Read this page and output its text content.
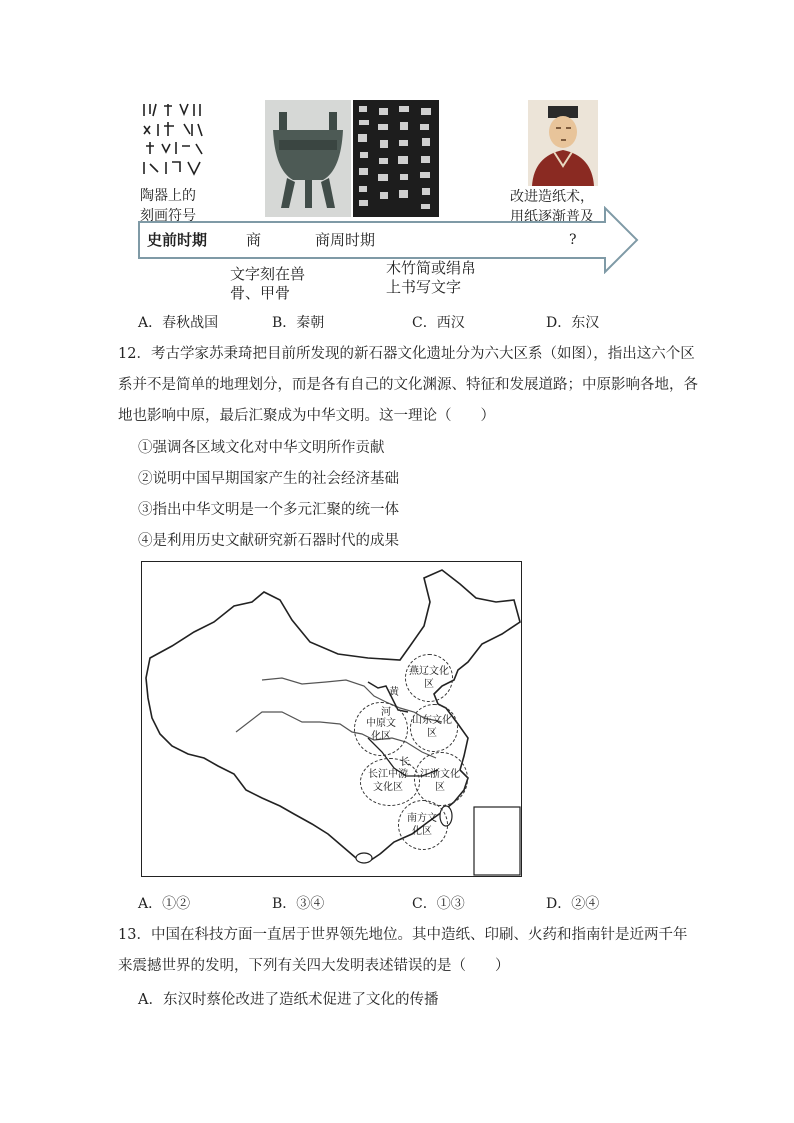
陶器上的
刻画符号
改进造纸术，
用纸逐渐普及
史前时期	商	商周时期	?
文字刻在兽
骨、甲骨
木竹简或绢帛
上书写文字
A．春秋战国	B．秦朝	C．西汉	D．东汉
12．考古学家苏秉琦把目前所发现的新石器文化遗址分为六大区系（如图），指出这六个区系并不是简单的地理划分，而是各有自己的文化渊源、特征和发展道路；中原影响各地，各地也影响中原，最后汇聚成为中华文明。这一理论（　　）
①强调各区域文化对中华文明所作贡献
②说明中国早期国家产生的社会经济基础
③指出中华文明是一个多元汇聚的统一体
④是利用历史文献研究新石器时代的成果
燕辽文化区
中原文化区
山东文化区
长江中游文化区
江浙文化区
南方文化区
黄
河
长
A．①②	B．③④	C．①③	D．②④
13．中国在科技方面一直居于世界领先地位。其中造纸、印刷、火药和指南针是近两千年来震撼世界的发明，下列有关四大发明表述错误的是（　　）
A．东汉时蔡伦改进了造纸术促进了文化的传播
